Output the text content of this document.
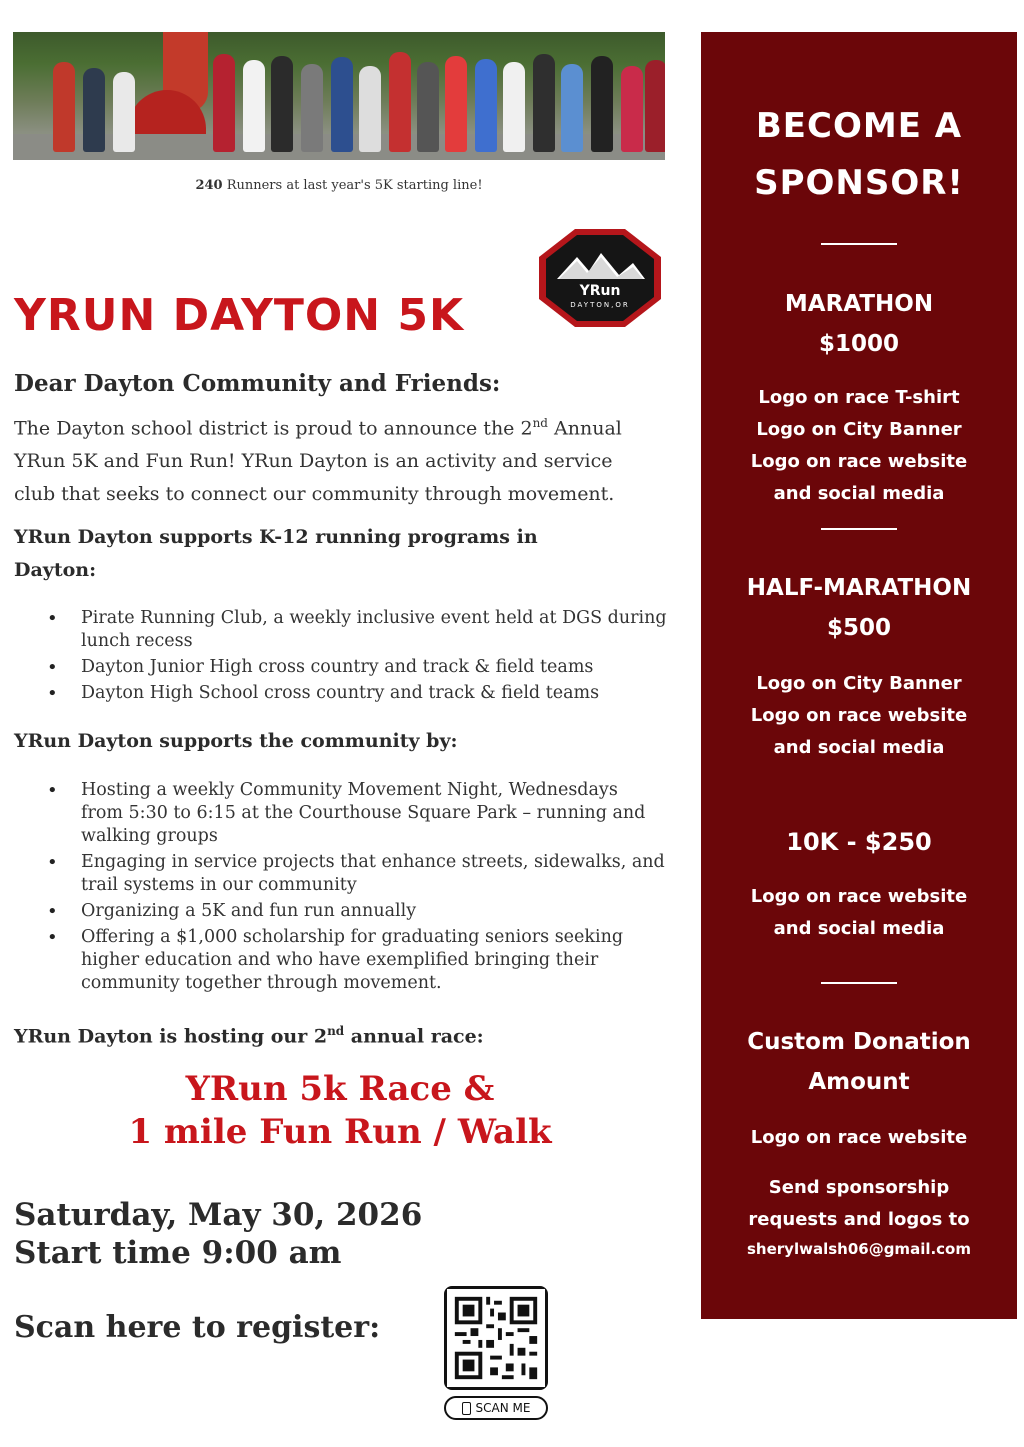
240 Runners at last year's 5K starting line!
YRun
DAYTON,OR
YRUN DAYTON 5K
Dear Dayton Community and Friends:
The Dayton school district is proud to announce the 2nd Annual
YRun 5K and Fun Run! YRun Dayton is an activity and service
club that seeks to connect our community through movement.
YRun Dayton supports K-12 running programs in
Dayton:
• Pirate Running Club, a weekly inclusive event held at DGS during
lunch recess
• Dayton Junior High cross country and track & field teams
• Dayton High School cross country and track & field teams
YRun Dayton supports the community by:
• Hosting a weekly Community Movement Night, Wednesdays
from 5:30 to 6:15 at the Courthouse Square Park – running and
walking groups
• Engaging in service projects that enhance streets, sidewalks, and
trail systems in our community
• Organizing a 5K and fun run annually
• Offering a $1,000 scholarship for graduating seniors seeking
higher education and who have exemplified bringing their
community together through movement.
YRun Dayton is hosting our 2nd annual race:
YRun 5k Race &
1 mile Fun Run / Walk
Saturday, May 30, 2026
Start time 9:00 am
Scan here to register:
SCAN ME
BECOME A
SPONSOR!
MARATHON
$1000
Logo on race T-shirt
Logo on City Banner
Logo on race website
and social media
HALF-MARATHON
$500
Logo on City Banner
Logo on race website
and social media
10K - $250
Logo on race website
and social media
Custom Donation
Amount
Logo on race website
Send sponsorship
requests and logos to
sherylwalsh06@gmail.com
